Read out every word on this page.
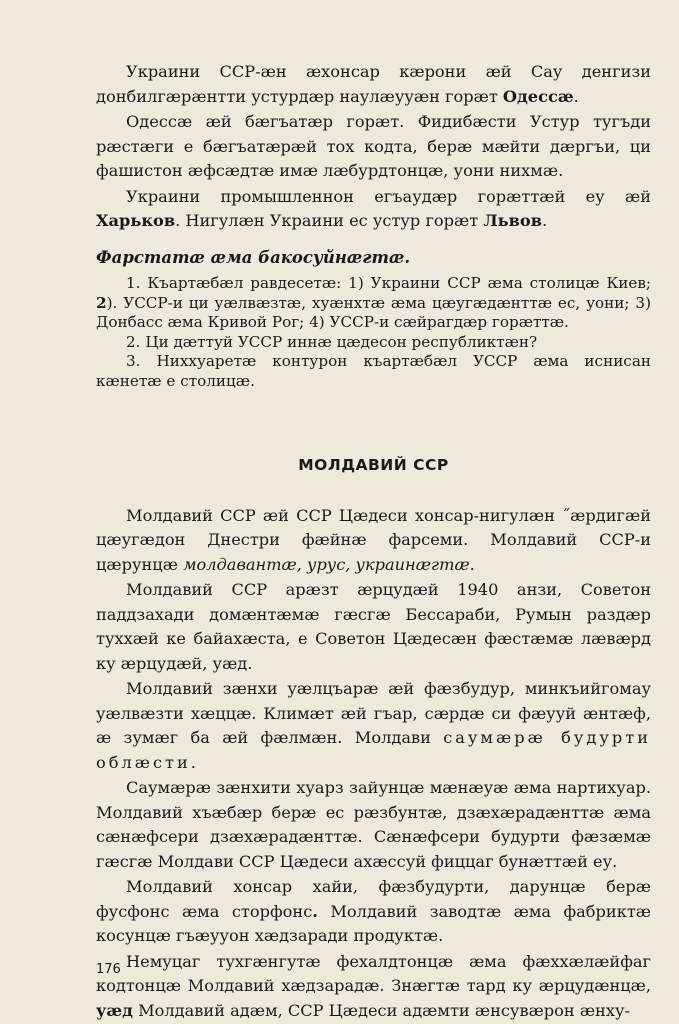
Украини ССР-æн æхонсар кæрони æй Сау денгизи донбилгæрæнтти устурдæр наулæууæн горæт Одессæ.

Одессæ æй бæгъатæр горæт. Фидибæсти Устур тугъди рæстæги е бæгъатæрæй тох кодта, берæ мæйти дæргъи, ци фашистон æфсæдтæ имæ лæбурдтонцæ, уони нихмæ.

Украини промышленнон егъаудæр горæттæй еу æй Харьков. Нигулæн Украини ес устур горæт Львов.

Фарстатæ æма бакосуйнæгтæ.

1. Къартæбæл равдесетæ: 1) Украини ССР æма столицæ Киев; 2). УССР-и ци уæлвæзтæ, хуæнхтæ æма цæугæдæнттæ ес, уони; 3) Донбасс æма Кривой Рог; 4) УССР-и сæйрагдæр горæттæ.

2. Ци дæттуй УССР иннæ цæдесон республиктæн?

3. Ниххуаретæ контурон къартæбæл УССР æма иснисан кæнетæ е столицæ.

МОЛДАВИЙ ССР

Молдавий ССР æй ССР Цæдеси хонсар-нигулæн ˝æрдигæй цæугæдон Днестри фæйнæ фарсеми. Молдавий ССР-и цæрунцæ молдавантæ, урус, украинæгтæ.

Молдавий ССР арæзт æрцудæй 1940 анзи, Советон паддзахади домæнтæмæ гæсгæ Бессараби, Румын раздæр туххæй ке байахæста, е Советон Цæдесæн фæстæмæ лæвæрд ку æрцудæй, уæд.

Молдавий зæнхи уæлцъарæ æй фæзбудур, минкъийгомау уæлвæзти хæццæ. Климæт æй гъар, сæрдæ си фæууй æнтæф, æ зумæг ба æй фæлмæн. Молдави саумæрæ будурти облæсти.

Саумæрæ зæнхити хуарз зайунцæ мæнæуæ æма нартихуар. Молдавий хъæбæр берæ ес рæзбунтæ, дзæхæрадæнттæ æма сæнæфсери дзæхæрадæнттæ. Сæнæфсери будурти фæзæмæ гæсгæ Молдави ССР Цæдеси ахæссуй фиццаг бунæттæй еу.

Молдавий хонсар хайи, фæзбудурти, дарунцæ берæ фусфонс æма сторфонс. Молдавий заводтæ æма фабриктæ косунцæ гъæууон хæдзаради продуктæ.

Немуцаг тухгæнгутæ фехалдтонцæ æма фæххæлæйфаг кодтонцæ Молдавий хæдзарадæ. Знæгтæ тард ку æрцудæнцæ, уæд Молдавий адæм, ССР Цæдеси адæмти æнсувæрон æнху-

176
